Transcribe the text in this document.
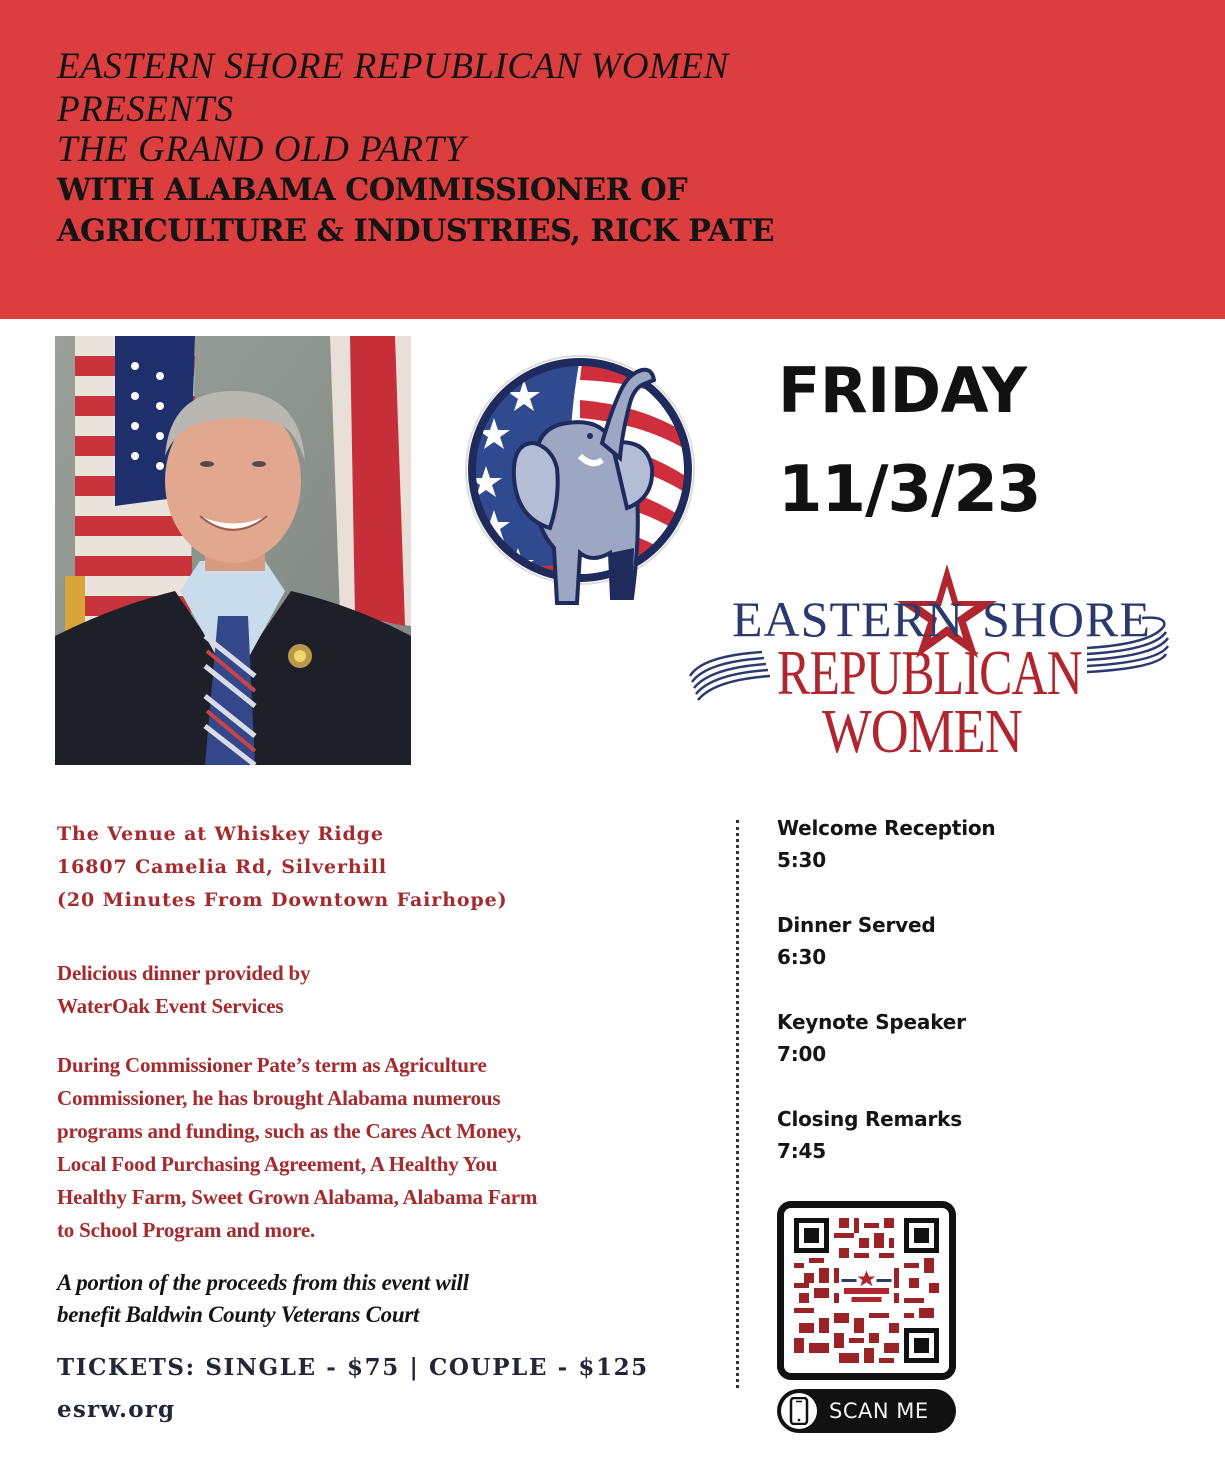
EASTERN SHORE REPUBLICAN WOMEN
PRESENTS
THE GRAND OLD PARTY
WITH ALABAMA COMMISSIONER OF
AGRICULTURE & INDUSTRIES, RICK PATE
FRIDAY
11/3/23
EASTERN SHORE
REPUBLICAN
WOMEN

The Venue at Whiskey Ridge

16807 Camelia Rd, Silverhill

(20 Minutes From Downtown Fairhope)

Delicious dinner provided by

WaterOak Event Services

During Commissioner Pate’s term as Agriculture

Commissioner, he has brought Alabama numerous

programs and funding, such as the Cares Act Money,

Local Food Purchasing Agreement, A Healthy You

Healthy Farm, Sweet Grown Alabama, Alabama Farm

to School Program and more.

A portion of the proceeds from this event will

benefit Baldwin County Veterans Court

TICKETS: SINGLE - $75 | COUPLE - $125
esrw.org
Welcome Reception
5:30
Dinner Served
6:30
Keynote Speaker
7:00
Closing Remarks
7:45
SCAN ME
